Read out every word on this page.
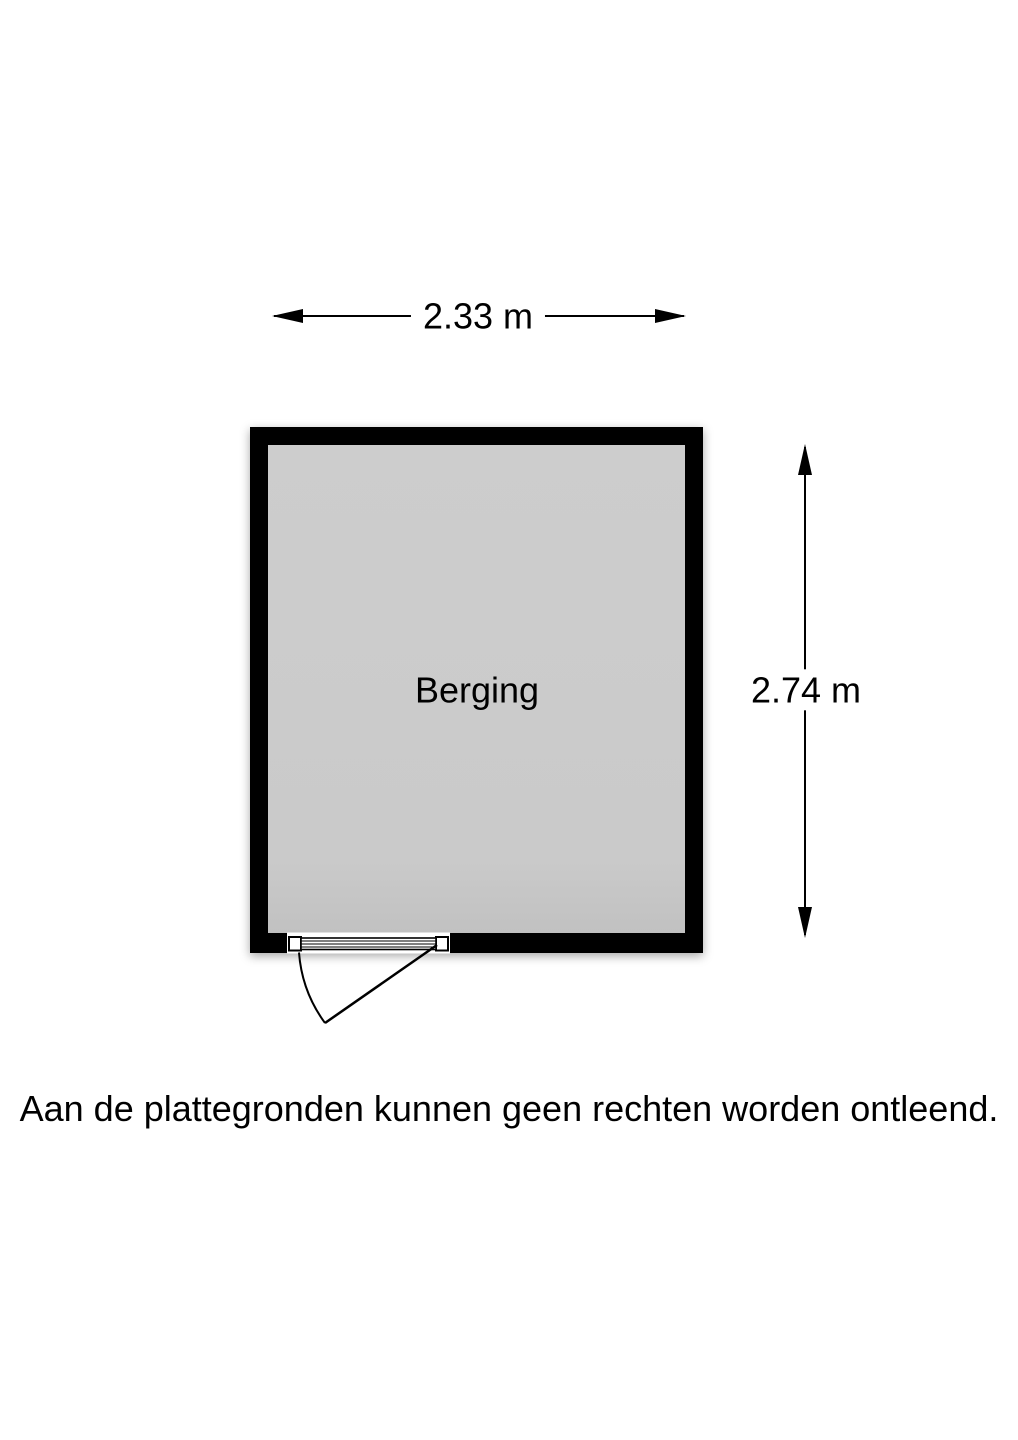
2.33 m
2.74 m
Berging
Aan de plattegronden kunnen geen rechten worden ontleend.
